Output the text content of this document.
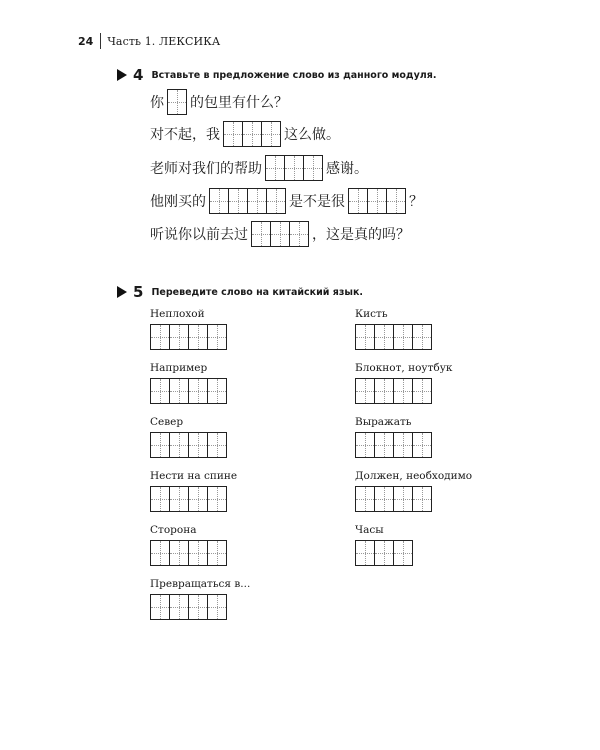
24 Часть 1. ЛЕКСИКА
4 Вставьте в предложение слово из данного модуля.
你 的包里有什么？
对不起，我	这么做。
老师对我们的帮助	感谢。
他刚买的	是不是很	？
听说你以前去过	，这是真的吗？
5 Переведите слово на китайский язык.
Неплохой	Кисть
Например	Блокнот, ноутбук
Север	Выражать
Нести на спине	Должен, необходимо
Сторона	Часы
Превращаться в...
